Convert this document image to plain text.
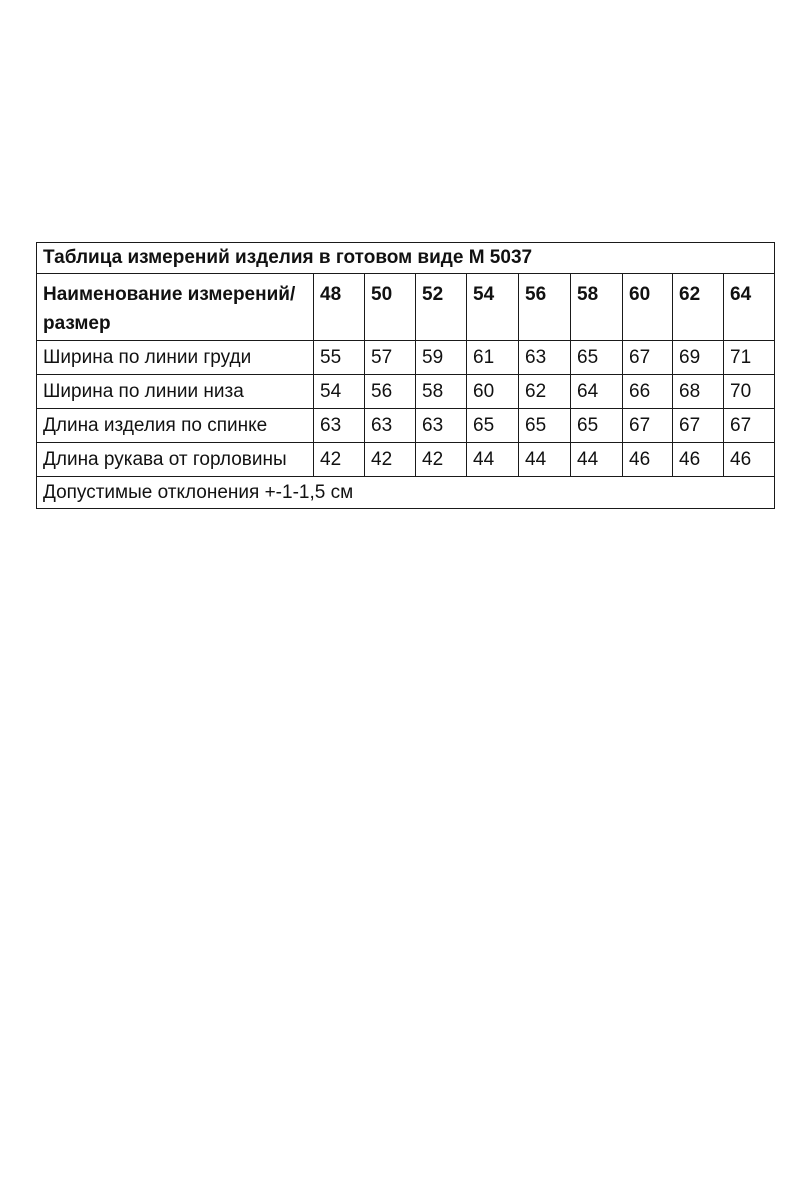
Таблица измерений изделия в готовом виде М 5037									
Наименование измерений/размер	48	50	52	54	56	58	60	62	64
Ширина по линии груди	55	57	59	61	63	65	67	69	71
Ширина по линии низа	54	56	58	60	62	64	66	68	70
Длина изделия по спинке	63	63	63	65	65	65	67	67	67
Длина рукава от горловины	42	42	42	44	44	44	46	46	46
Допустимые отклонения +-1-1,5 см									
